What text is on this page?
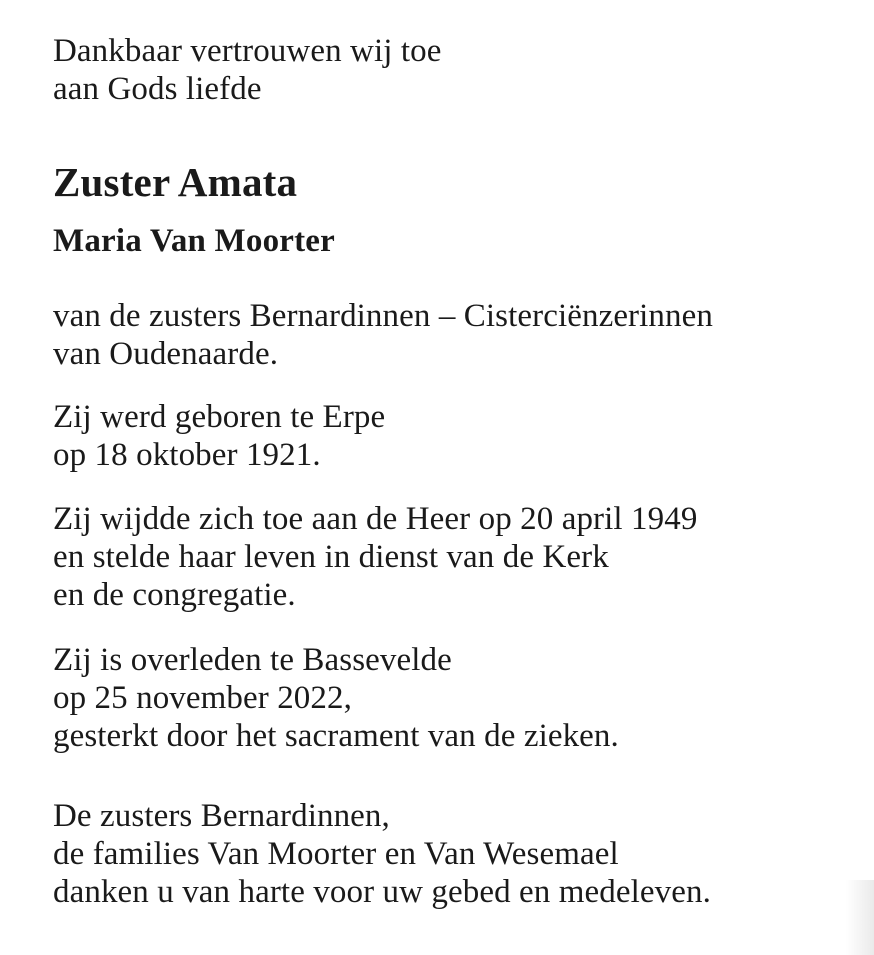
Dankbaar vertrouwen wij toe
aan Gods liefde
Zuster Amata
Maria Van Moorter
van de zusters Bernardinnen – Cisterciënzerinnen
van Oudenaarde.
Zij werd geboren te Erpe
op 18 oktober 1921.
Zij wijdde zich toe aan de Heer op 20 april 1949
en stelde haar leven in dienst van de Kerk
en de congregatie.
Zij is overleden te Bassevelde
op 25 november 2022,
gesterkt door het sacrament van de zieken.
De zusters Bernardinnen,
de families Van Moorter en Van Wesemael
danken u van harte voor uw gebed en medeleven.
